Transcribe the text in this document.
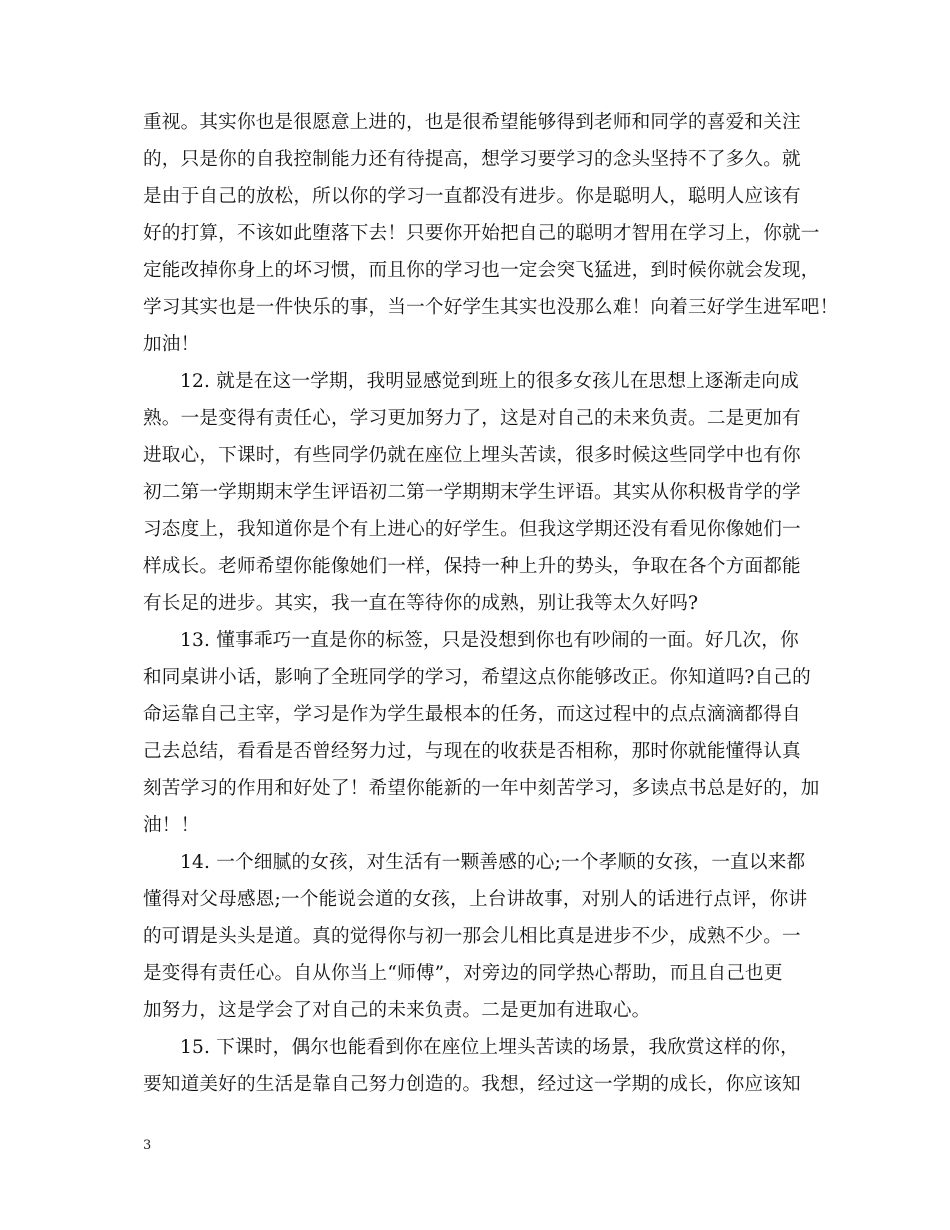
重视。其实你也是很愿意上进的，也是很希望能够得到老师和同学的喜爱和关注
的，只是你的自我控制能力还有待提高，想学习要学习的念头坚持不了多久。就
是由于自己的放松，所以你的学习一直都没有进步。你是聪明人，聪明人应该有
好的打算，不该如此堕落下去！只要你开始把自己的聪明才智用在学习上，你就一
定能改掉你身上的坏习惯，而且你的学习也一定会突飞猛进，到时候你就会发现，
学习其实也是一件快乐的事，当一个好学生其实也没那么难！向着三好学生进军吧！
加油！
12. 就是在这一学期，我明显感觉到班上的很多女孩儿在思想上逐渐走向成
熟。一是变得有责任心，学习更加努力了，这是对自己的未来负责。二是更加有
进取心，下课时，有些同学仍就在座位上埋头苦读，很多时候这些同学中也有你
初二第一学期期末学生评语初二第一学期期末学生评语。其实从你积极肯学的学
习态度上，我知道你是个有上进心的好学生。但我这学期还没有看见你像她们一
样成长。老师希望你能像她们一样，保持一种上升的势头，争取在各个方面都能
有长足的进步。其实，我一直在等待你的成熟，别让我等太久好吗?
13. 懂事乖巧一直是你的标签，只是没想到你也有吵闹的一面。好几次，你
和同桌讲小话，影响了全班同学的学习，希望这点你能够改正。你知道吗?自己的
命运靠自己主宰，学习是作为学生最根本的任务，而这过程中的点点滴滴都得自
己去总结，看看是否曾经努力过，与现在的收获是否相称，那时你就能懂得认真
刻苦学习的作用和好处了！希望你能新的一年中刻苦学习，多读点书总是好的，加
油！！
14. 一个细腻的女孩，对生活有一颗善感的心;一个孝顺的女孩，一直以来都
懂得对父母感恩;一个能说会道的女孩，上台讲故事，对别人的话进行点评，你讲
的可谓是头头是道。真的觉得你与初一那会儿相比真是进步不少，成熟不少。一
是变得有责任心。自从你当上“师傅”，对旁边的同学热心帮助，而且自己也更
加努力，这是学会了对自己的未来负责。二是更加有进取心。
15. 下课时，偶尔也能看到你在座位上埋头苦读的场景，我欣赏这样的你，
要知道美好的生活是靠自己努力创造的。我想，经过这一学期的成长，你应该知
3
